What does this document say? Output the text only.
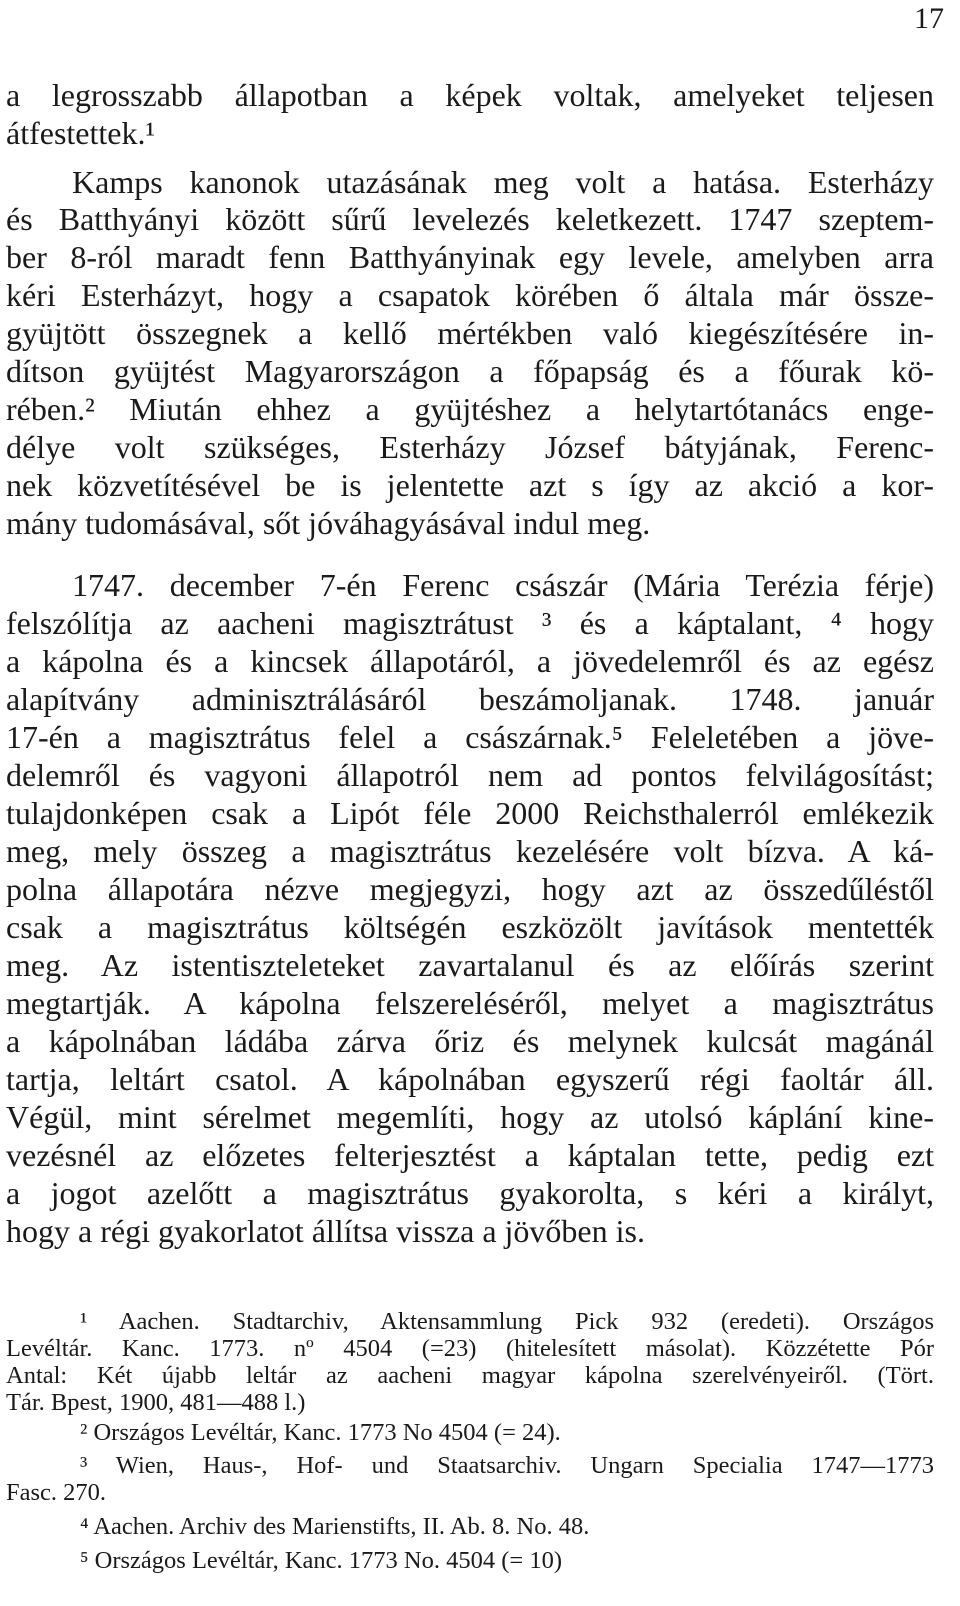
17
a legrosszabb állapotban a képek voltak, amelyeket teljesen
átfestettek.¹
Kamps kanonok utazásának meg volt a hatása. Esterházy
és Batthyányi között sűrű levelezés keletkezett. 1747 szeptem-
ber 8-ról maradt fenn Batthyányinak egy levele, amelyben arra
kéri Esterházyt, hogy a csapatok körében ő általa már össze-
gyüjtött összegnek a kellő mértékben való kiegészítésére in-
dítson gyüjtést Magyarországon a főpapság és a főurak kö-
rében.² Miután ehhez a gyüjtéshez a helytartótanács enge-
délye volt szükséges, Esterházy József bátyjának, Ferenc-
nek közvetítésével be is jelentette azt s így az akció a kor-
mány tudomásával, sőt jóváhagyásával indul meg.
1747. december 7-én Ferenc császár (Mária Terézia férje)
felszólítja az aacheni magisztrátust ³ és a káptalant, ⁴ hogy
a kápolna és a kincsek állapotáról, a jövedelemről és az egész
alapítvány adminisztrálásáról beszámoljanak. 1748. január
17-én a magisztrátus felel a császárnak.⁵ Feleletében a jöve-
delemről és vagyoni állapotról nem ad pontos felvilágosítást;
tulajdonképen csak a Lipót féle 2000 Reichsthalerról emlékezik
meg, mely összeg a magisztrátus kezelésére volt bízva. A ká-
polna állapotára nézve megjegyzi, hogy azt az összedűléstől
csak a magisztrátus költségén eszközölt javítások mentették
meg. Az istentiszteleteket zavartalanul és az előírás szerint
megtartják. A kápolna felszereléséről, melyet a magisztrátus
a kápolnában ládába zárva őriz és melynek kulcsát magánál
tartja, leltárt csatol. A kápolnában egyszerű régi faoltár áll.
Végül, mint sérelmet megemlíti, hogy az utolsó káplání kine-
vezésnél az előzetes felterjesztést a káptalan tette, pedig ezt
a jogot azelőtt a magisztrátus gyakorolta, s kéri a királyt,
hogy a régi gyakorlatot állítsa vissza a jövőben is.
¹ Aachen. Stadtarchiv, Aktensammlung Pick 932 (eredeti). Országos
Levéltár. Kanc. 1773. nº 4504 (=23) (hitelesített másolat). Közzétette Pór
Antal: Két újabb leltár az aacheni magyar kápolna szerelvényeiről. (Tört.
Tár. Bpest, 1900, 481—488 l.)
² Országos Levéltár, Kanc. 1773 No 4504 (= 24).
³ Wien, Haus-, Hof- und Staatsarchiv. Ungarn Specialia 1747—1773
Fasc. 270.
⁴ Aachen. Archiv des Marienstifts, II. Ab. 8. No. 48.
⁵ Országos Levéltár, Kanc. 1773 No. 4504 (= 10)
